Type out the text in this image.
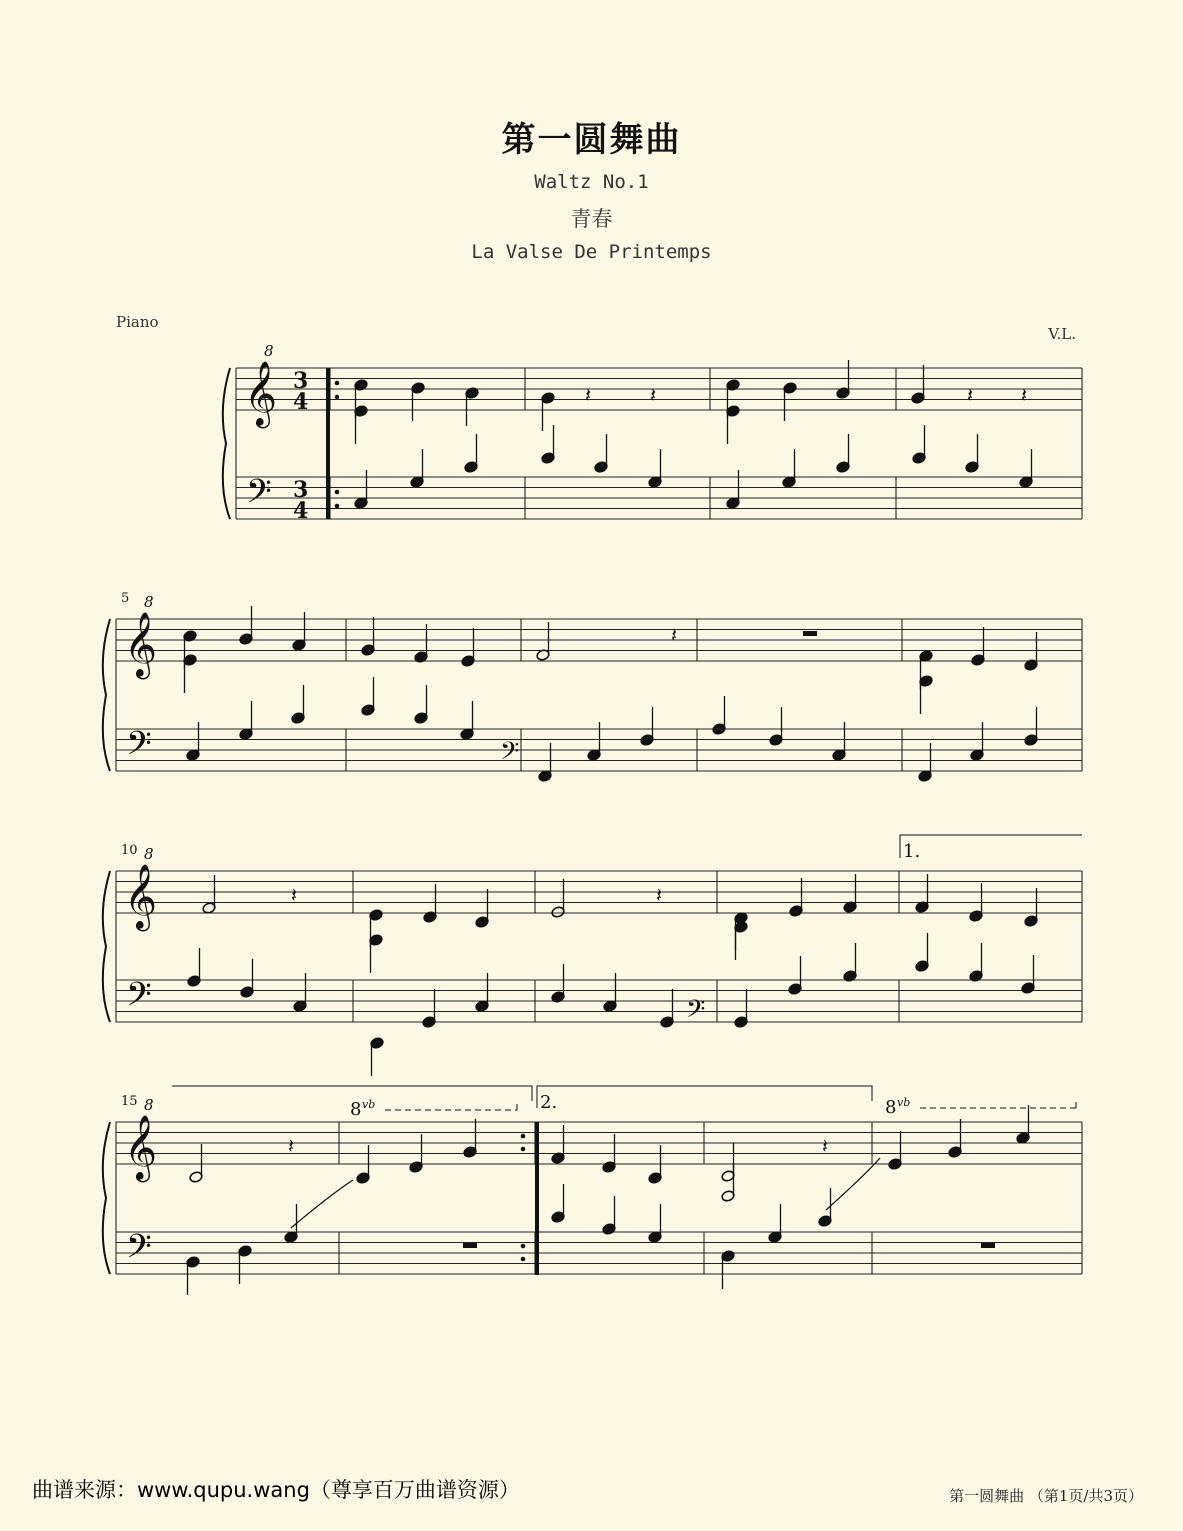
第一圆舞曲
Waltz No.1
青春
La Valse De Printemps
Piano
V.L.
𝄞
𝄢
8
3
4
3
4
𝄞
𝄢
8
5
𝄞
𝄢
8
10
𝄞
𝄢
8
15
𝄽	𝄽	𝄽 𝄽
𝄽
𝄢
𝄽	𝄽
𝄢
𝄽	𝄽
1.
2.
8 vb	8 vb
曲谱来源：www.qupu.wang（尊享百万曲谱资源）	第一圆舞曲 （第1页/共3页）
